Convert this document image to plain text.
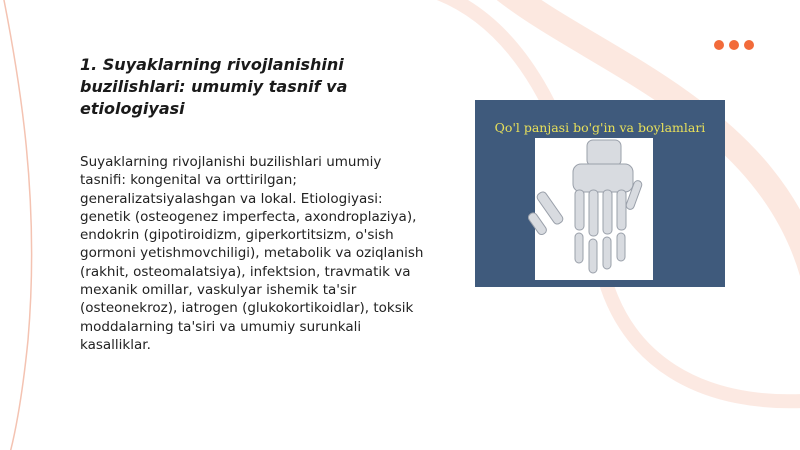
1. Suyaklarning rivojlanishini buzilishlari: umumiy tasnif va etiologiyasi

Suyaklarning rivojlanishi buzilishlari umumiy tasnifi: kongenital va orttirilgan; generalizatsiyalashgan va lokal. Etiologiyasi: genetik (osteogenez imperfecta, axondroplaziya), endokrin (gipotiroidizm, giperkortitsizm, o'sish gormoni yetishmovchiligi), metabolik va oziqlanish (rakhit, osteomalatsiya), infektsion, travmatik va mexanik omillar, vaskulyar ishemik ta'sir (osteonekroz), iatrogen (glukokortikoidlar), toksik moddalarning ta'siri va umumiy surunkali kasalliklar.

Qo'l panjasi bo'g'in va boylamlari
